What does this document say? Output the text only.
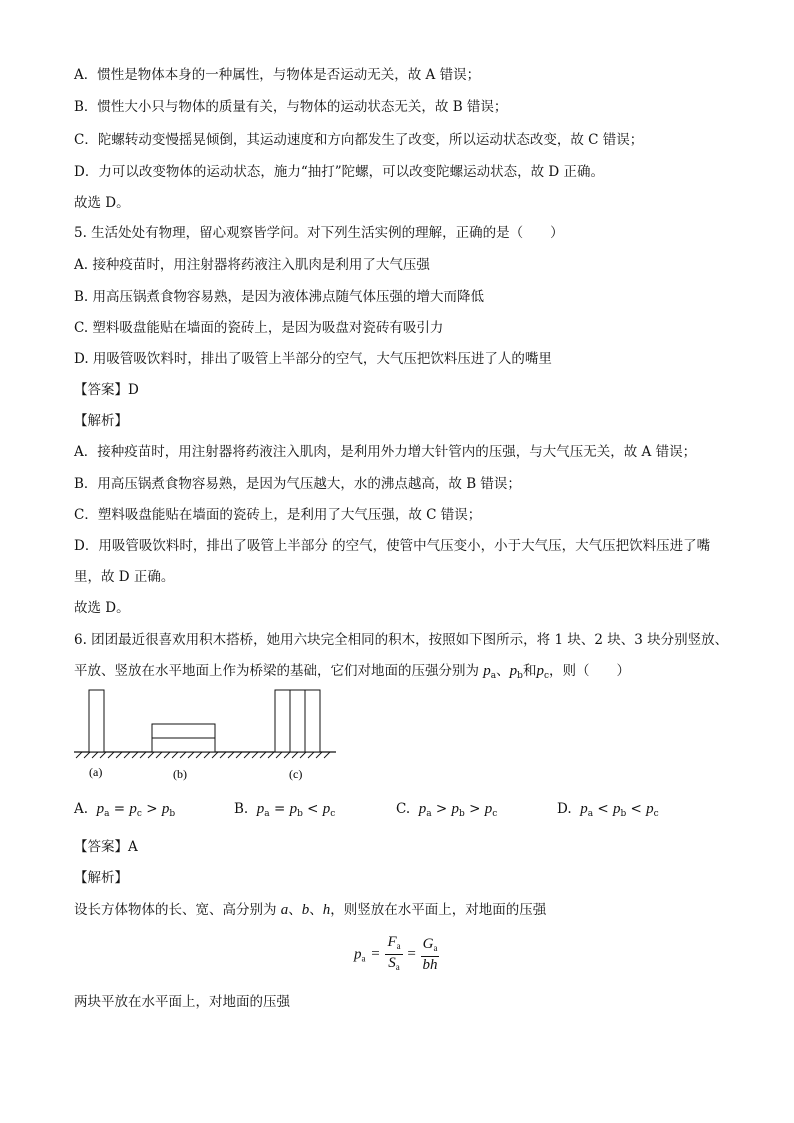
A．惯性是物体本身的一种属性，与物体是否运动无关，故 A 错误；
B．惯性大小只与物体的质量有关，与物体的运动状态无关，故 B 错误；
C．陀螺转动变慢摇晃倾倒，其运动速度和方向都发生了改变，所以运动状态改变，故 C 错误；
D．力可以改变物体的运动状态，施力“抽打”陀螺，可以改变陀螺运动状态，故 D 正确。
故选 D。
5. 生活处处有物理，留心观察皆学问。对下列生活实例的理解，正确的是（　　）
A. 接种疫苗时，用注射器将药液注入肌肉是利用了大气压强
B. 用高压锅煮食物容易熟，是因为液体沸点随气体压强的增大而降低
C. 塑料吸盘能贴在墙面的瓷砖上，是因为吸盘对瓷砖有吸引力
D. 用吸管吸饮料时，排出了吸管上半部分的空气，大气压把饮料压进了人的嘴里
【答案】D
【解析】
A．接种疫苗时，用注射器将药液注入肌肉，是利用外力增大针管内的压强，与大气压无关，故 A 错误；
B．用高压锅煮食物容易熟，是因为气压越大，水的沸点越高，故 B 错误；
C．塑料吸盘能贴在墙面的瓷砖上，是利用了大气压强，故 C 错误；
D．用吸管吸饮料时，排出了吸管上半部分 的空气，使管中气压变小，小于大气压，大气压把饮料压进了嘴
里，故 D 正确。
故选 D。
6. 团团最近很喜欢用积木搭桥，她用六块完全相同的积木，按照如下图所示，将 1 块、2 块、3 块分别竖放、
平放、竖放在水平地面上作为桥梁的基础，它们对地面的压强分别为 $p_a$、$p_b$和$p_c$，则（　　）
(a)	(b)	(c)
A.  $p_a = p_c > p_b$	B.  $p_a = p_b < p_c$	C.  $p_a > p_b > p_c$	D.  $p_a < p_b < p_c$
【答案】A
【解析】
设长方体物体的长、宽、高分别为 a、b、h，则竖放在水平面上，对地面的压强
$p_a = \frac{F_a}{S_a} = \frac{G_a}{bh}$
两块平放在水平面上，对地面的压强
